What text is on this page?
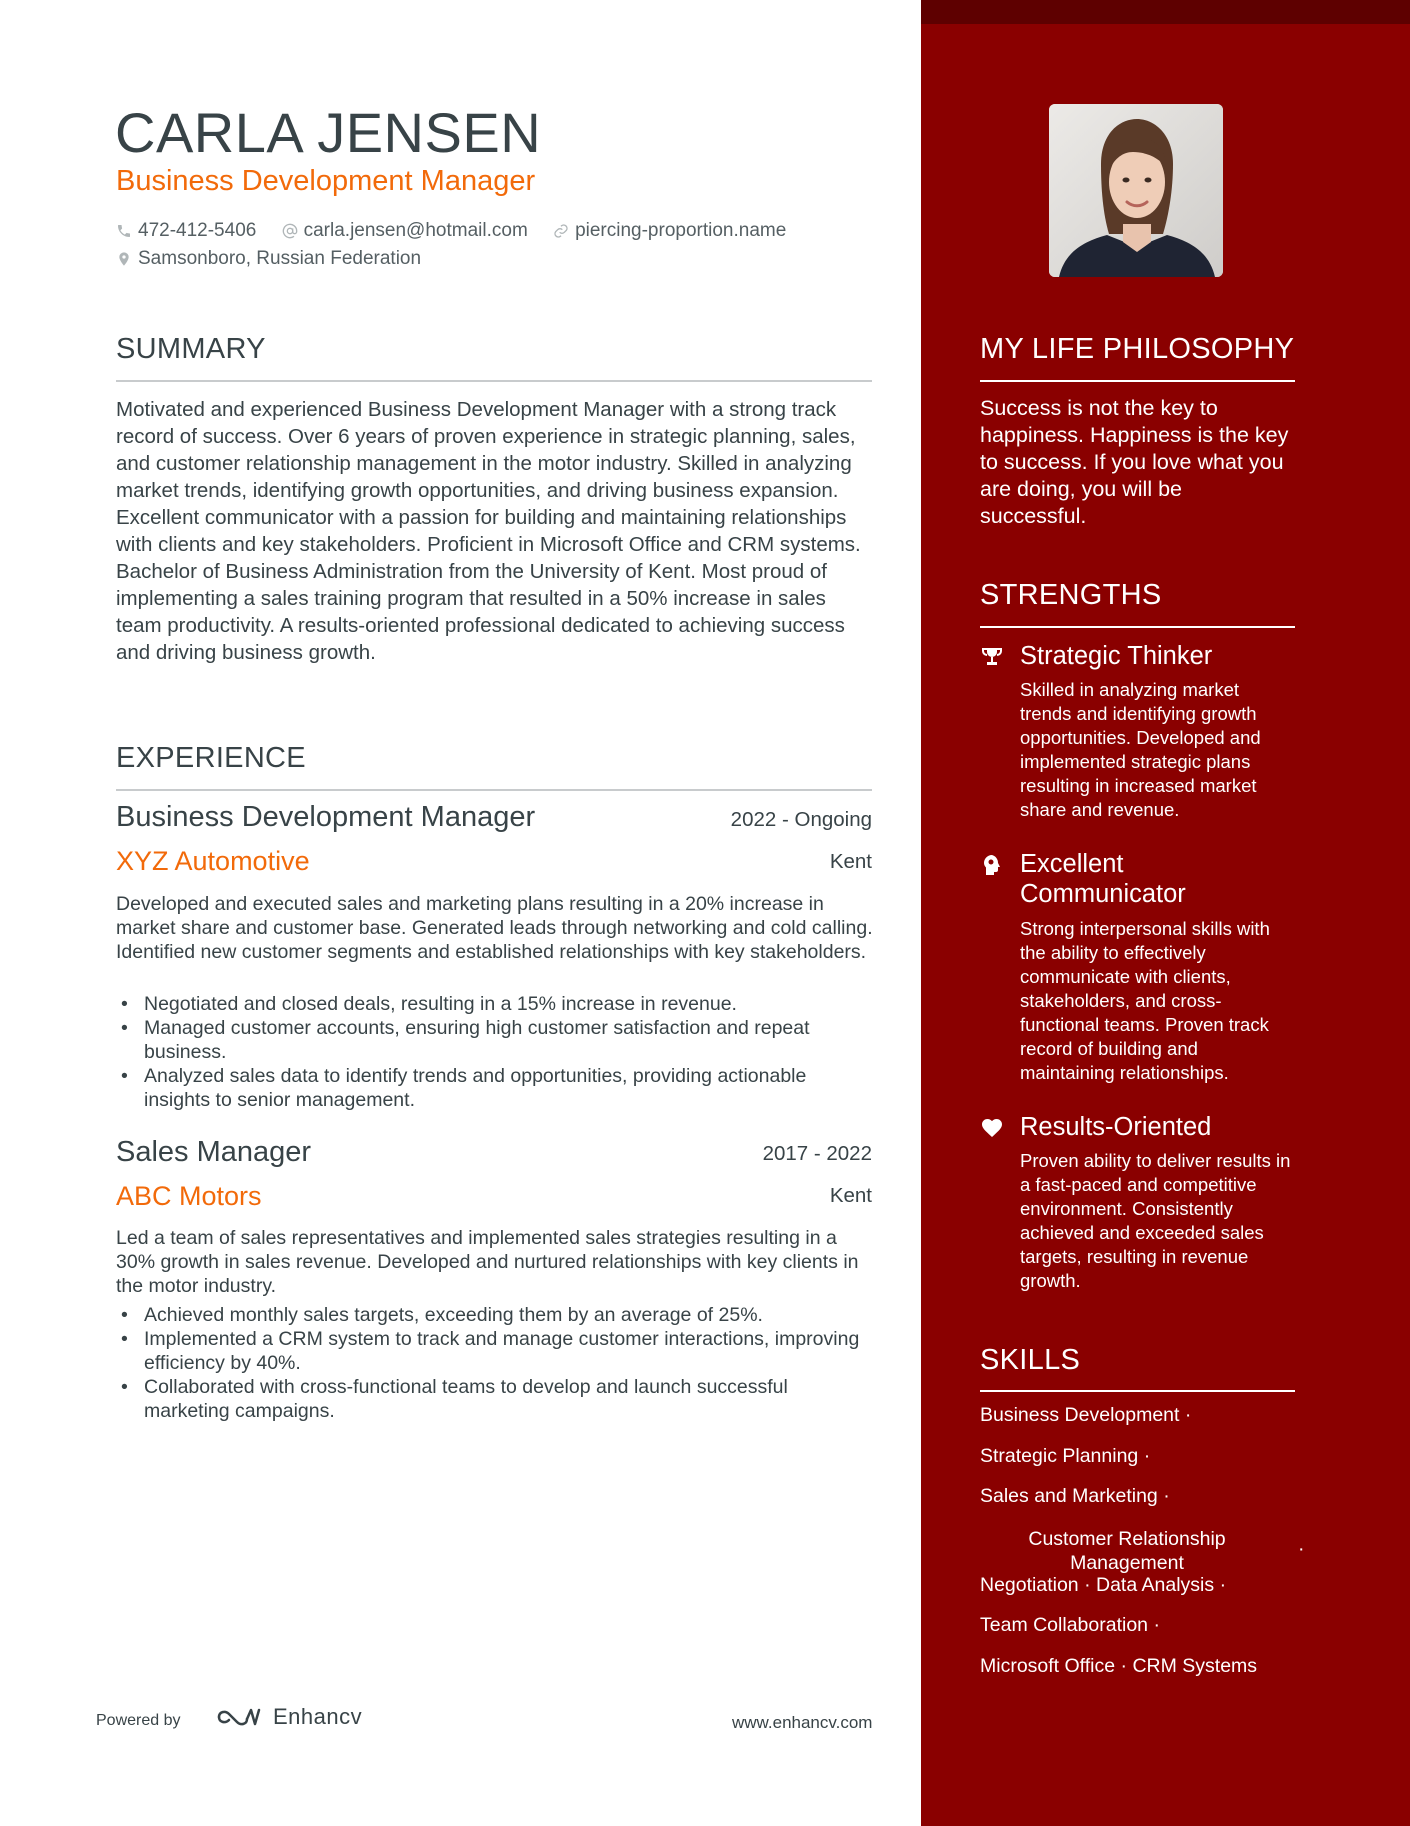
CARLA JENSEN
Business Development Manager
472-412-5406
carla.jensen@hotmail.com
piercing-proportion.name
Samsonboro, Russian Federation
SUMMARY
Motivated and experienced Business Development Manager with a strong track record of success. Over 6 years of proven experience in strategic planning, sales, and customer relationship management in the motor industry. Skilled in analyzing market trends, identifying growth opportunities, and driving business expansion. Excellent communicator with a passion for building and maintaining relationships with clients and key stakeholders. Proficient in Microsoft Office and CRM systems. Bachelor of Business Administration from the University of Kent. Most proud of implementing a sales training program that resulted in a 50% increase in sales team productivity. A results-oriented professional dedicated to achieving success and driving business growth.
EXPERIENCE
Business Development Manager	2022 - Ongoing
XYZ Automotive	Kent
Developed and executed sales and marketing plans resulting in a 20% increase in market share and customer base. Generated leads through networking and cold calling. Identified new customer segments and established relationships with key stakeholders.
• Negotiated and closed deals, resulting in a 15% increase in revenue.
• Managed customer accounts, ensuring high customer satisfaction and repeat business.
• Analyzed sales data to identify trends and opportunities, providing actionable insights to senior management.
Sales Manager	2017 - 2022
ABC Motors	Kent
Led a team of sales representatives and implemented sales strategies resulting in a 30% growth in sales revenue. Developed and nurtured relationships with key clients in the motor industry.
• Achieved monthly sales targets, exceeding them by an average of 25%.
• Implemented a CRM system to track and manage customer interactions, improving efficiency by 40%.
• Collaborated with cross-functional teams to develop and launch successful marketing campaigns.
Powered by	Enhancv	www.enhancv.com
MY LIFE PHILOSOPHY
Success is not the key to happiness. Happiness is the key to success. If you love what you are doing, you will be successful.
STRENGTHS
Strategic Thinker
Skilled in analyzing market trends and identifying growth opportunities. Developed and implemented strategic plans resulting in increased market share and revenue.
Excellent Communicator
Strong interpersonal skills with the ability to effectively communicate with clients, stakeholders, and cross-functional teams. Proven track record of building and maintaining relationships.
Results-Oriented
Proven ability to deliver results in a fast-paced and competitive environment. Consistently achieved and exceeded sales targets, resulting in revenue growth.
SKILLS
Business Development ·
Strategic Planning ·
Sales and Marketing ·
Customer Relationship Management
·
Negotiation · Data Analysis ·
Team Collaboration ·
Microsoft Office · CRM Systems
